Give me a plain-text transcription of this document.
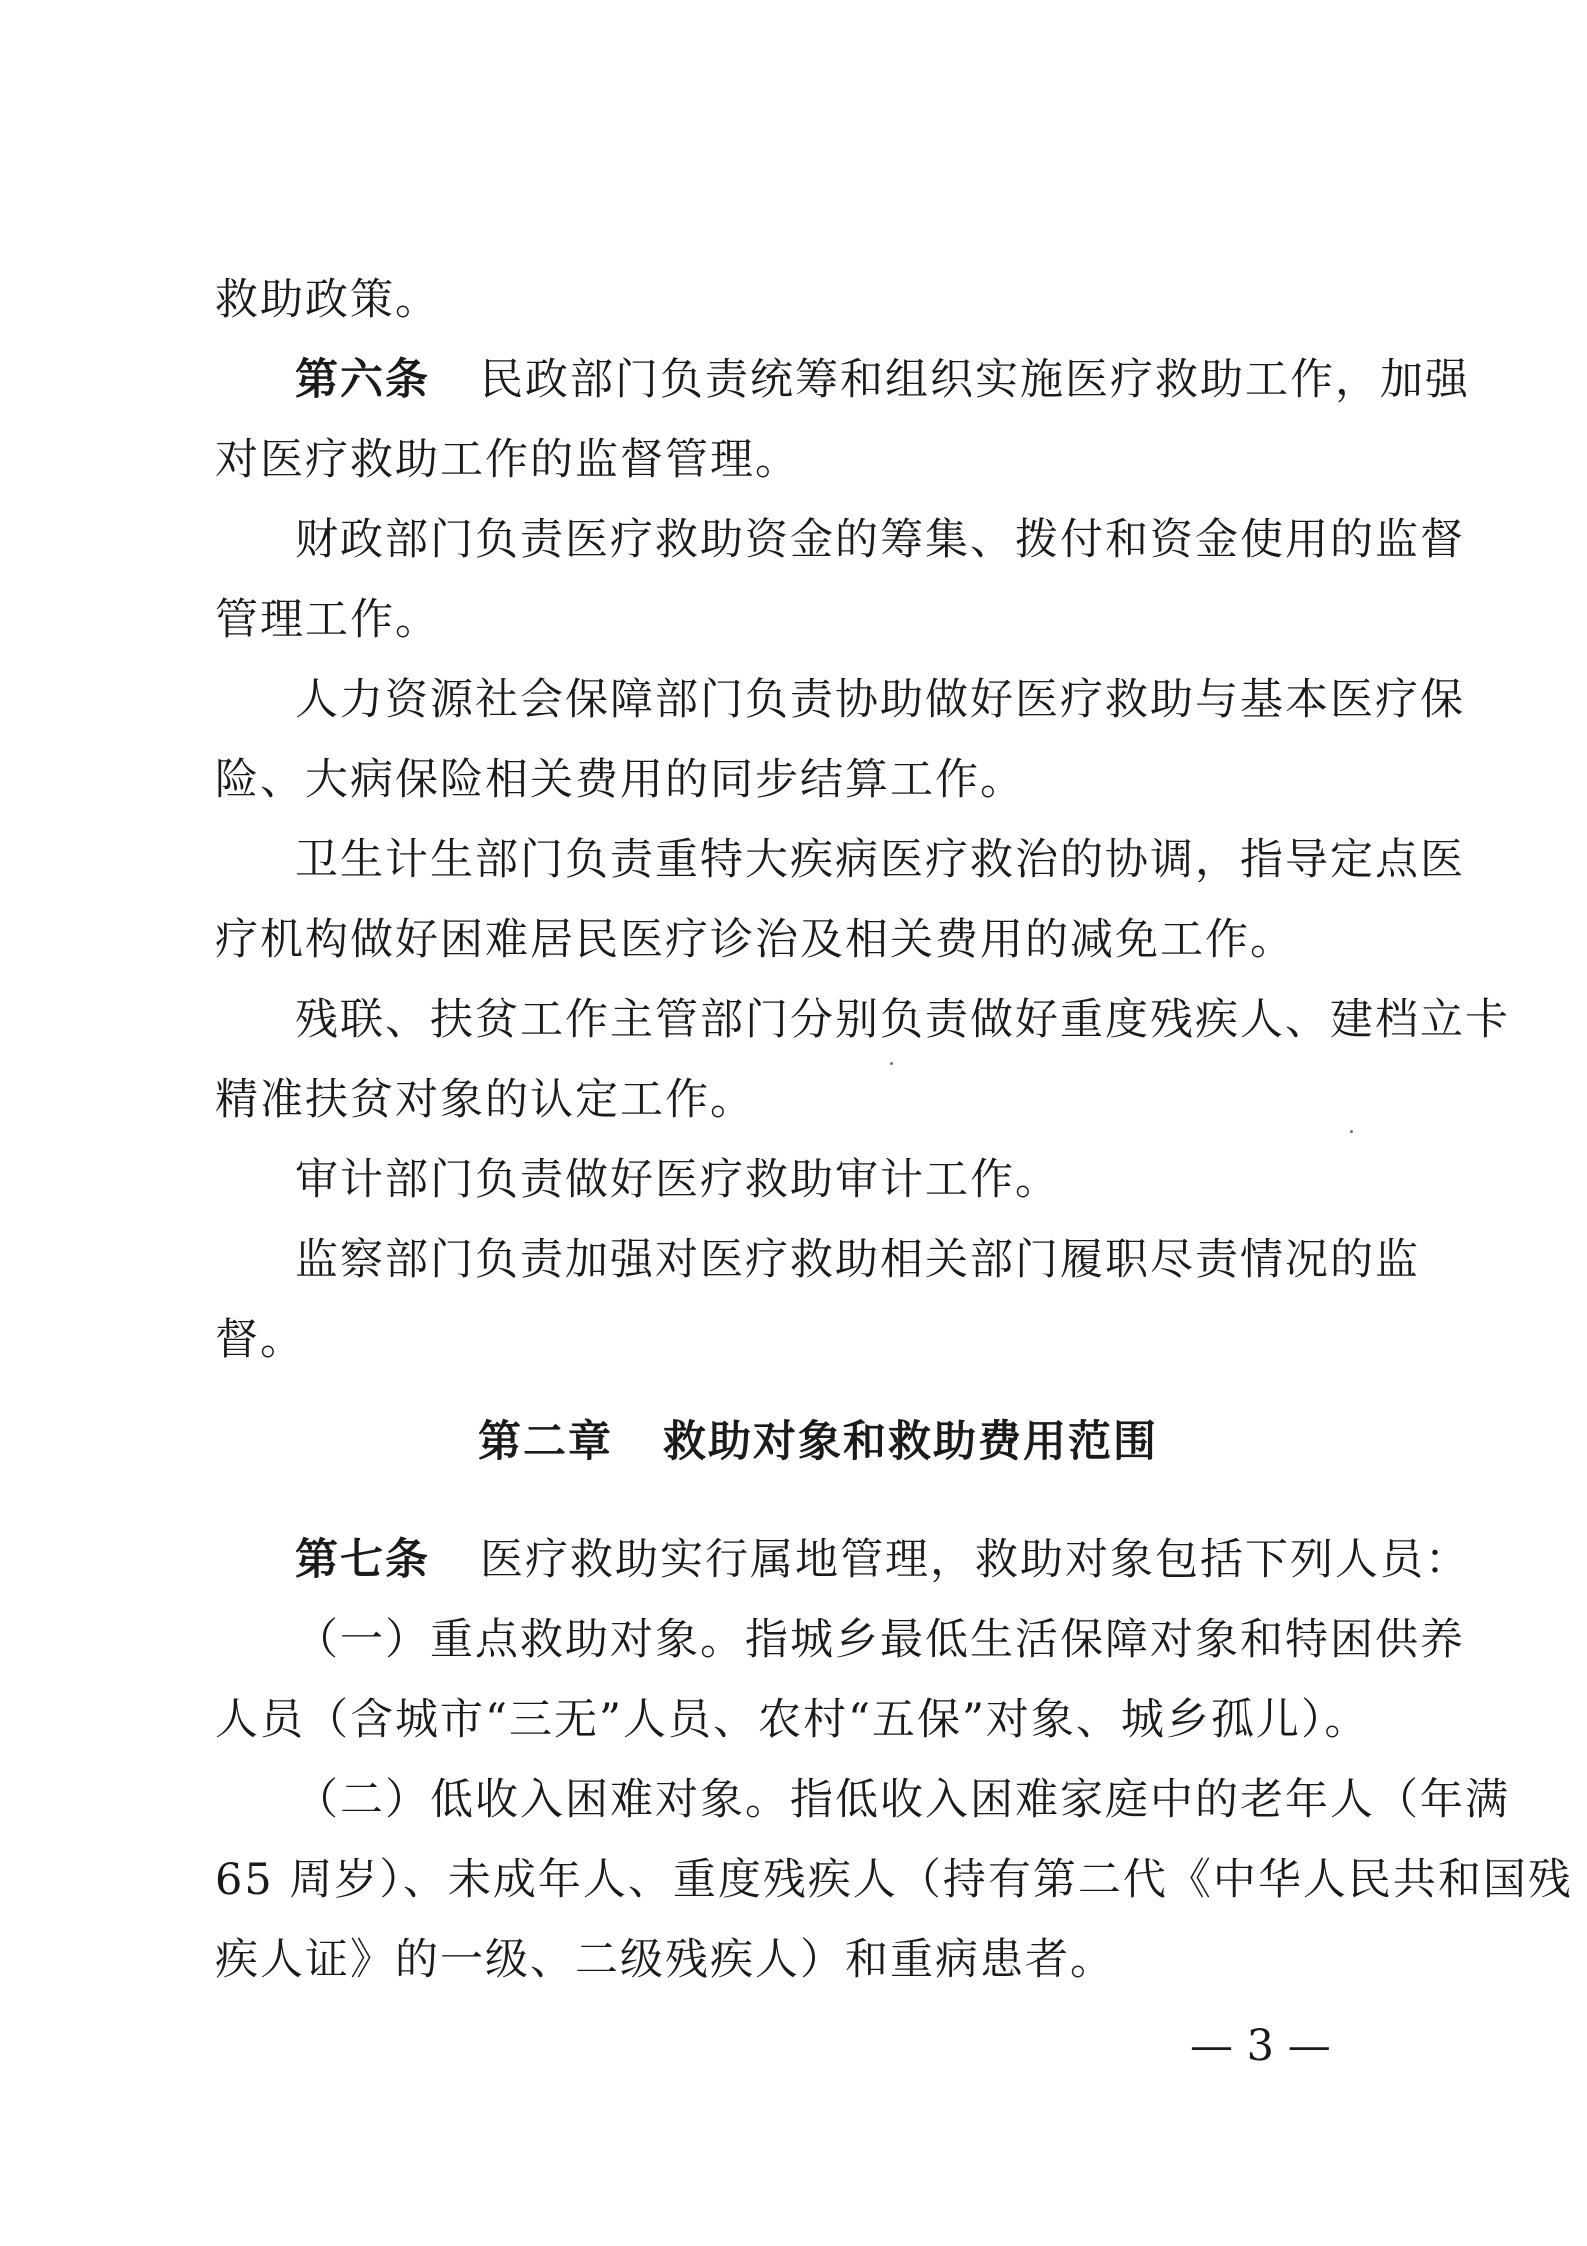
救助政策。
第六条 民政部门负责统筹和组织实施医疗救助工作，加强
对医疗救助工作的监督管理。
财政部门负责医疗救助资金的筹集、拨付和资金使用的监督
管理工作。
人力资源社会保障部门负责协助做好医疗救助与基本医疗保
险、大病保险相关费用的同步结算工作。
卫生计生部门负责重特大疾病医疗救治的协调，指导定点医
疗机构做好困难居民医疗诊治及相关费用的减免工作。
残联、扶贫工作主管部门分别负责做好重度残疾人、建档立卡
精准扶贫对象的认定工作。
审计部门负责做好医疗救助审计工作。
监察部门负责加强对医疗救助相关部门履职尽责情况的监
督。
第二章 救助对象和救助费用范围
第七条 医疗救助实行属地管理，救助对象包括下列人员：
（一）重点救助对象。指城乡最低生活保障对象和特困供养
人员（含城市“三无”人员、农村“五保”对象、城乡孤儿）。
（二）低收入困难对象。指低收入困难家庭中的老年人（年满
65 周岁）、未成年人、重度残疾人（持有第二代《中华人民共和国残
疾人证》的一级、二级残疾人）和重病患者。
— 3 —
